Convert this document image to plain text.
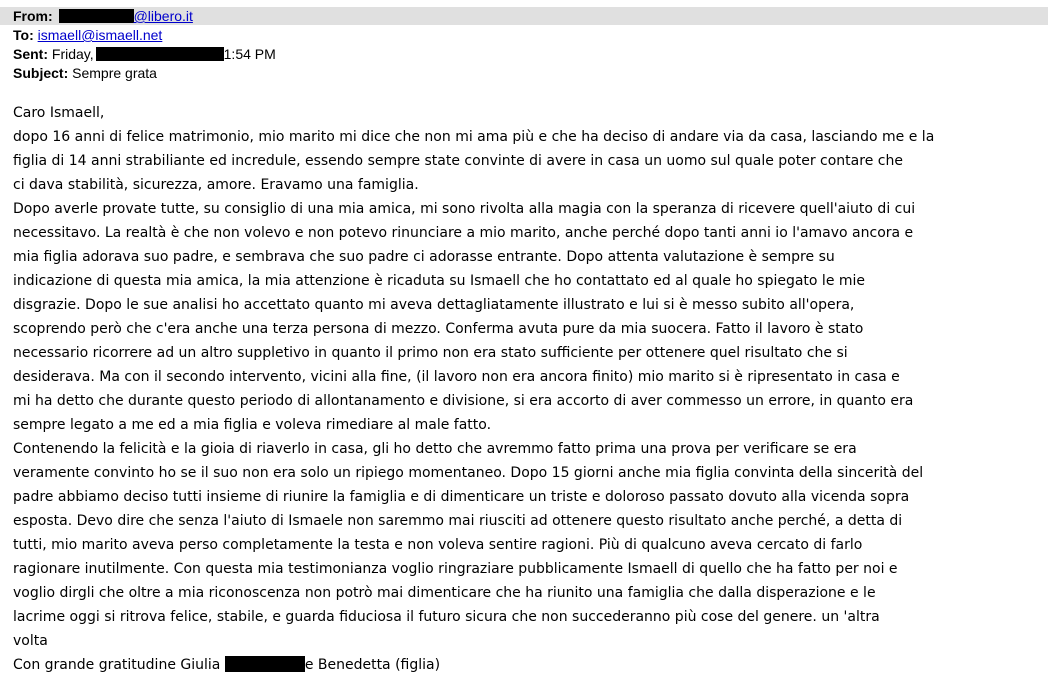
From:	@libero.it
To: ismaell@ismaell.net
Sent: Friday,	1:54 PM
Subject: Sempre grata
Caro Ismaell,
dopo 16 anni di felice matrimonio, mio marito mi dice che non mi ama più e che ha deciso di andare via da casa, lasciando me e la
figlia di 14 anni strabiliante ed incredule, essendo sempre state convinte di avere in casa un uomo sul quale poter contare che
ci dava stabilità, sicurezza, amore. Eravamo una famiglia.
Dopo averle provate tutte, su consiglio di una mia amica, mi sono rivolta alla magia con la speranza di ricevere quell'aiuto di cui
necessitavo. La realtà è che non volevo e non potevo rinunciare a mio marito, anche perché dopo tanti anni io l'amavo ancora e
mia figlia adorava suo padre, e sembrava che suo padre ci adorasse entrante. Dopo attenta valutazione è sempre su
indicazione di questa mia amica, la mia attenzione è ricaduta su Ismaell che ho contattato ed al quale ho spiegato le mie
disgrazie. Dopo le sue analisi ho accettato quanto mi aveva dettagliatamente illustrato e lui si è messo subito all'opera,
scoprendo però che c'era anche una terza persona di mezzo. Conferma avuta pure da mia suocera. Fatto il lavoro è stato
necessario ricorrere ad un altro suppletivo in quanto il primo non era stato sufficiente per ottenere quel risultato che si
desiderava. Ma con il secondo intervento, vicini alla fine, (il lavoro non era ancora finito) mio marito si è ripresentato in casa e
mi ha detto che durante questo periodo di allontanamento e divisione, si era accorto di aver commesso un errore, in quanto era
sempre legato a me ed a mia figlia e voleva rimediare al male fatto.
Contenendo la felicità e la gioia di riaverlo in casa, gli ho detto che avremmo fatto prima una prova per verificare se era
veramente convinto ho se il suo non era solo un ripiego momentaneo. Dopo 15 giorni anche mia figlia convinta della sincerità del
padre abbiamo deciso tutti insieme di riunire la famiglia e di dimenticare un triste e doloroso passato dovuto alla vicenda sopra
esposta. Devo dire che senza l'aiuto di Ismaele non saremmo mai riusciti ad ottenere questo risultato anche perché, a detta di
tutti, mio marito aveva perso completamente la testa e non voleva sentire ragioni. Più di qualcuno aveva cercato di farlo
ragionare inutilmente. Con questa mia testimonianza voglio ringraziare pubblicamente Ismaell di quello che ha fatto per noi e
voglio dirgli che oltre a mia riconoscenza non potrò mai dimenticare che ha riunito una famiglia che dalla disperazione e le
lacrime oggi si ritrova felice, stabile, e guarda fiduciosa il futuro sicura che non succederanno più cose del genere. un 'altra
volta
Con grande gratitudine Giulia	e Benedetta (figlia)
